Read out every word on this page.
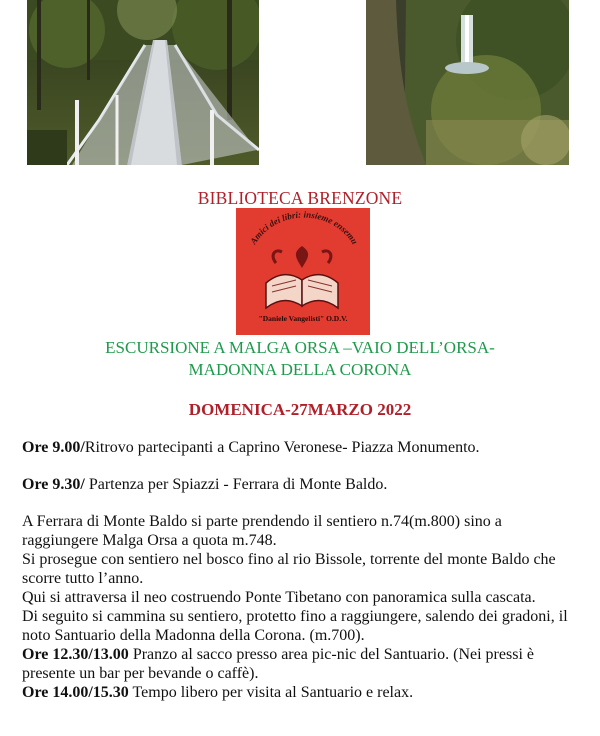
BIBLIOTECA BRENZONE
Amici dei libri: insieme ensemu
"Daniele Vangelisti" O.D.V.
ESCURSIONE A MALGA ORSA –VAIO DELL’ORSA-
MADONNA DELLA CORONA
DOMENICA-27MARZO 2022
Ore 9.00/Ritrovo partecipanti a Caprino Veronese- Piazza Monumento.
Ore 9.30/ Partenza per Spiazzi - Ferrara di Monte Baldo.
A Ferrara di Monte Baldo si parte prendendo il sentiero n.74(m.800) sino a raggiungere Malga Orsa a quota m.748.
Si prosegue con sentiero nel bosco fino al rio Bissole, torrente del monte Baldo che scorre tutto l’anno.
Qui si attraversa il neo costruendo Ponte Tibetano con panoramica sulla cascata.
Di seguito si cammina su sentiero, protetto fino a raggiungere, salendo dei gradoni, il noto Santuario della Madonna della Corona. (m.700).
Ore 12.30/13.00 Pranzo al sacco presso area pic-nic del Santuario. (Nei pressi è presente un bar per bevande o caffè).
Ore 14.00/15.30 Tempo libero per visita al Santuario e relax.
